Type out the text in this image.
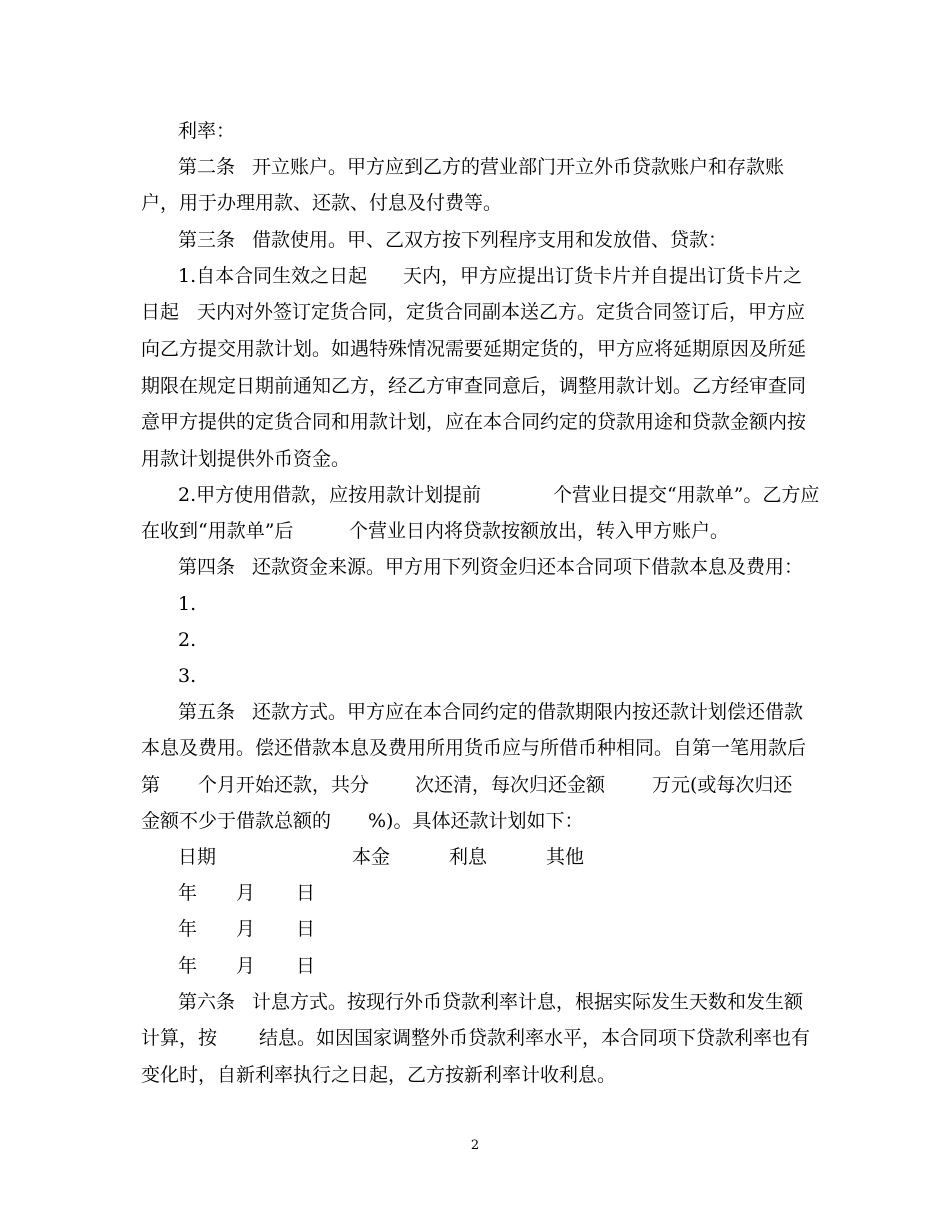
利率：
第二条 开立账户。甲方应到乙方的营业部门开立外币贷款账户和存款账
户，用于办理用款、还款、付息及付费等。
第三条 借款使用。甲、乙双方按下列程序支用和发放借、贷款：
1.自本合同生效之日起 天内，甲方应提出订货卡片并自提出订货卡片之
日起 天内对外签订定货合同，定货合同副本送乙方。定货合同签订后，甲方应
向乙方提交用款计划。如遇特殊情况需要延期定货的，甲方应将延期原因及所延
期限在规定日期前通知乙方，经乙方审查同意后，调整用款计划。乙方经审查同
意甲方提供的定货合同和用款计划，应在本合同约定的贷款用途和贷款金额内按
用款计划提供外币资金。
2.甲方使用借款，应按用款计划提前	个营业日提交“用款单”。乙方应
在收到“用款单”后	个营业日内将贷款按额放出，转入甲方账户。
第四条 还款资金来源。甲方用下列资金归还本合同项下借款本息及费用：
1.
2.
3.
第五条 还款方式。甲方应在本合同约定的借款期限内按还款计划偿还借款
本息及费用。偿还借款本息及费用所用货币应与所借币种相同。自第一笔用款后
第 个月开始还款，共分 次还清，每次归还金额 万元(或每次归还
金额不少于借款总额的 %)。具体还款计划如下：
日期	本金	利息	其他
年 月 日
年 月 日
年 月 日
第六条 计息方式。按现行外币贷款利率计息，根据实际发生天数和发生额
计算，按 结息。如因国家调整外币贷款利率水平，本合同项下贷款利率也有
变化时，自新利率执行之日起，乙方按新利率计收利息。
2
